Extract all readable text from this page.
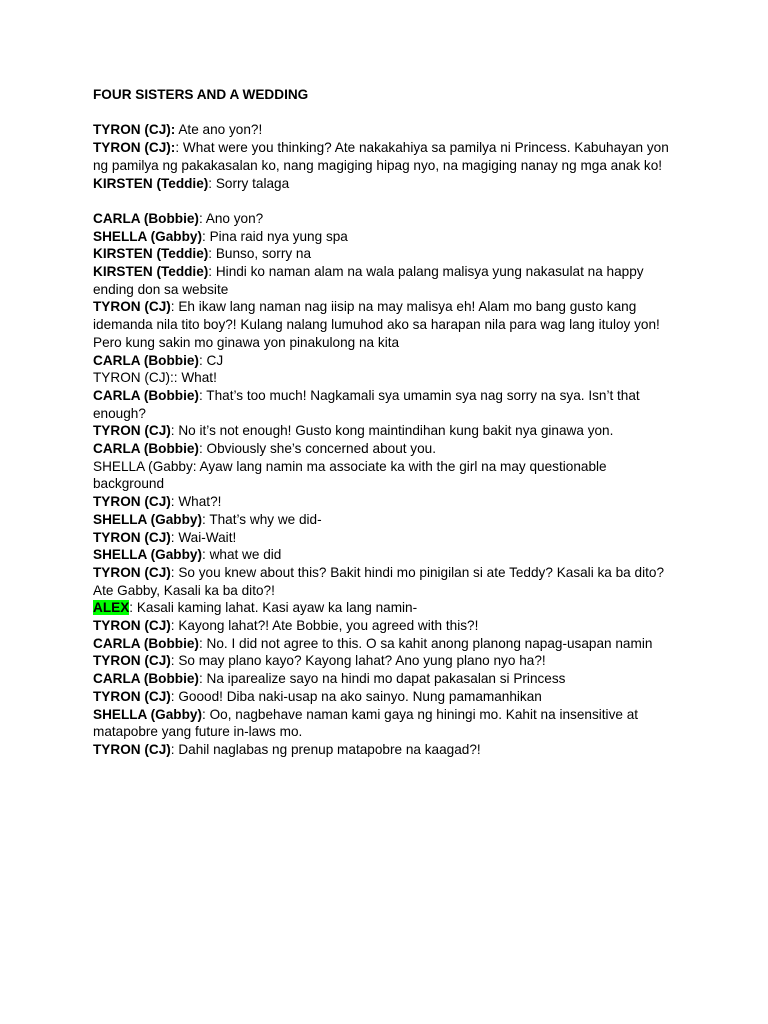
FOUR SISTERS AND A WEDDING

TYRON (CJ): Ate ano yon?!

TYRON (CJ):: What were you thinking? Ate nakakahiya sa pamilya ni Princess. Kabuhayan yon ng pamilya ng pakakasalan ko, nang magiging hipag nyo, na magiging nanay ng mga anak ko!

KIRSTEN (Teddie): Sorry talaga

CARLA (Bobbie): Ano yon?

SHELLA (Gabby): Pina raid nya yung spa

KIRSTEN (Teddie): Bunso, sorry na

KIRSTEN (Teddie): Hindi ko naman alam na wala palang malisya yung nakasulat na happy ending don sa website

TYRON (CJ): Eh ikaw lang naman nag iisip na may malisya eh! Alam mo bang gusto kang idemanda nila tito boy?! Kulang nalang lumuhod ako sa harapan nila para wag lang ituloy yon! Pero kung sakin mo ginawa yon pinakulong na kita

CARLA (Bobbie): CJ

TYRON (CJ):: What!

CARLA (Bobbie): That’s too much! Nagkamali sya umamin sya nag sorry na sya. Isn’t that enough?

TYRON (CJ): No it’s not enough! Gusto kong maintindihan kung bakit nya ginawa yon.

CARLA (Bobbie): Obviously she’s concerned about you.

SHELLA (Gabby: Ayaw lang namin ma associate ka with the girl na may questionable background

TYRON (CJ): What?!

SHELLA (Gabby): That’s why we did-

TYRON (CJ): Wai-Wait!

SHELLA (Gabby): what we did

TYRON (CJ): So you knew about this? Bakit hindi mo pinigilan si ate Teddy? Kasali ka ba dito? Ate Gabby, Kasali ka ba dito?!

ALEX: Kasali kaming lahat. Kasi ayaw ka lang namin-

TYRON (CJ): Kayong lahat?! Ate Bobbie, you agreed with this?!

CARLA (Bobbie): No. I did not agree to this. O sa kahit anong planong napag-usapan namin

TYRON (CJ): So may plano kayo? Kayong lahat? Ano yung plano nyo ha?!

CARLA (Bobbie): Na iparealize sayo na hindi mo dapat pakasalan si Princess

TYRON (CJ): Goood! Diba naki-usap na ako sainyo. Nung pamamanhikan

SHELLA (Gabby): Oo, nagbehave naman kami gaya ng hiningi mo. Kahit na insensitive at matapobre yang future in-laws mo.

TYRON (CJ): Dahil naglabas ng prenup matapobre na kaagad?!
